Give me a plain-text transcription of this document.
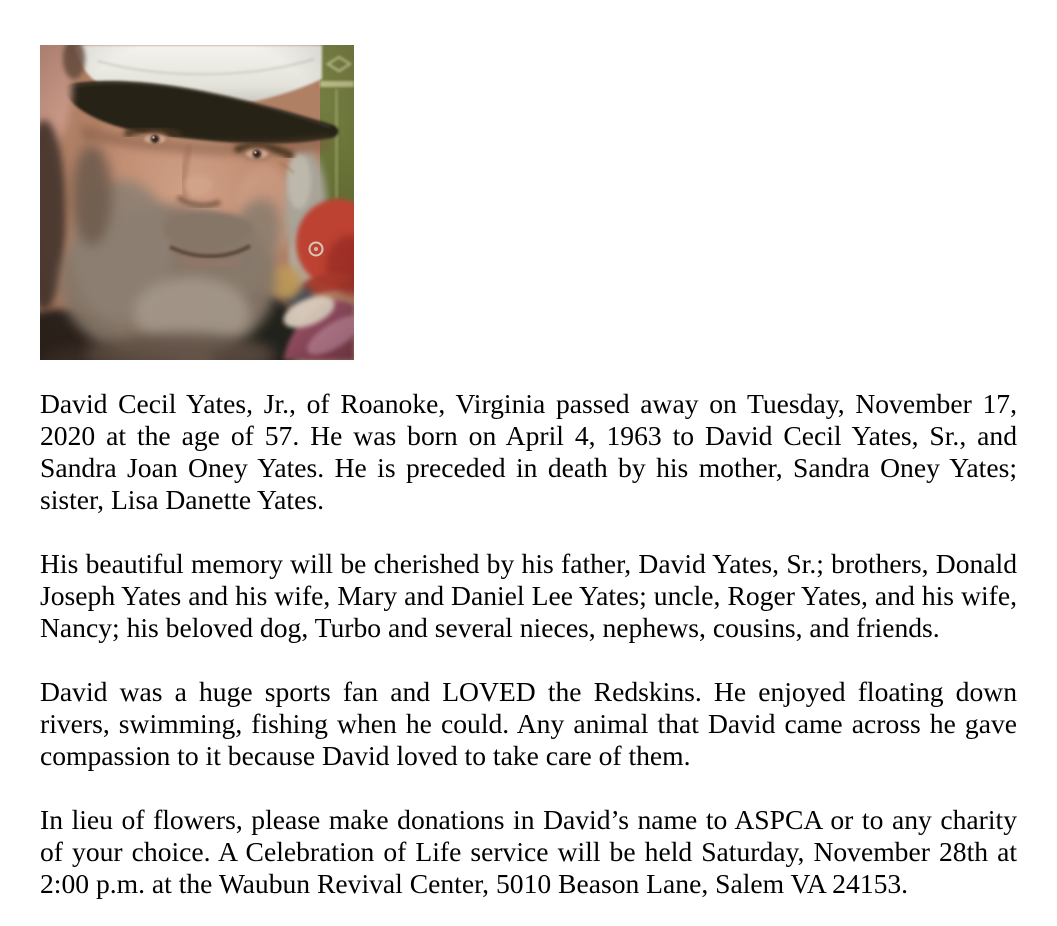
David Cecil Yates, Jr., of Roanoke, Virginia passed away on Tuesday, November 17, 2020 at the age of 57. He was born on April 4, 1963 to David Cecil Yates, Sr., and Sandra Joan Oney Yates. He is preceded in death by his mother, Sandra Oney Yates; sister, Lisa Danette Yates.

His beautiful memory will be cherished by his father, David Yates, Sr.; brothers, Donald Joseph Yates and his wife, Mary and Daniel Lee Yates; uncle, Roger Yates, and his wife, Nancy; his beloved dog, Turbo and several nieces, nephews, cousins, and friends.

David was a huge sports fan and LOVED the Redskins. He enjoyed floating down rivers, swimming, fishing when he could. Any animal that David came across he gave compassion to it because David loved to take care of them.

In lieu of flowers, please make donations in David’s name to ASPCA or to any charity of your choice. A Celebration of Life service will be held Saturday, November 28th at 2:00 p.m. at the Waubun Revival Center, 5010 Beason Lane, Salem VA 24153.
